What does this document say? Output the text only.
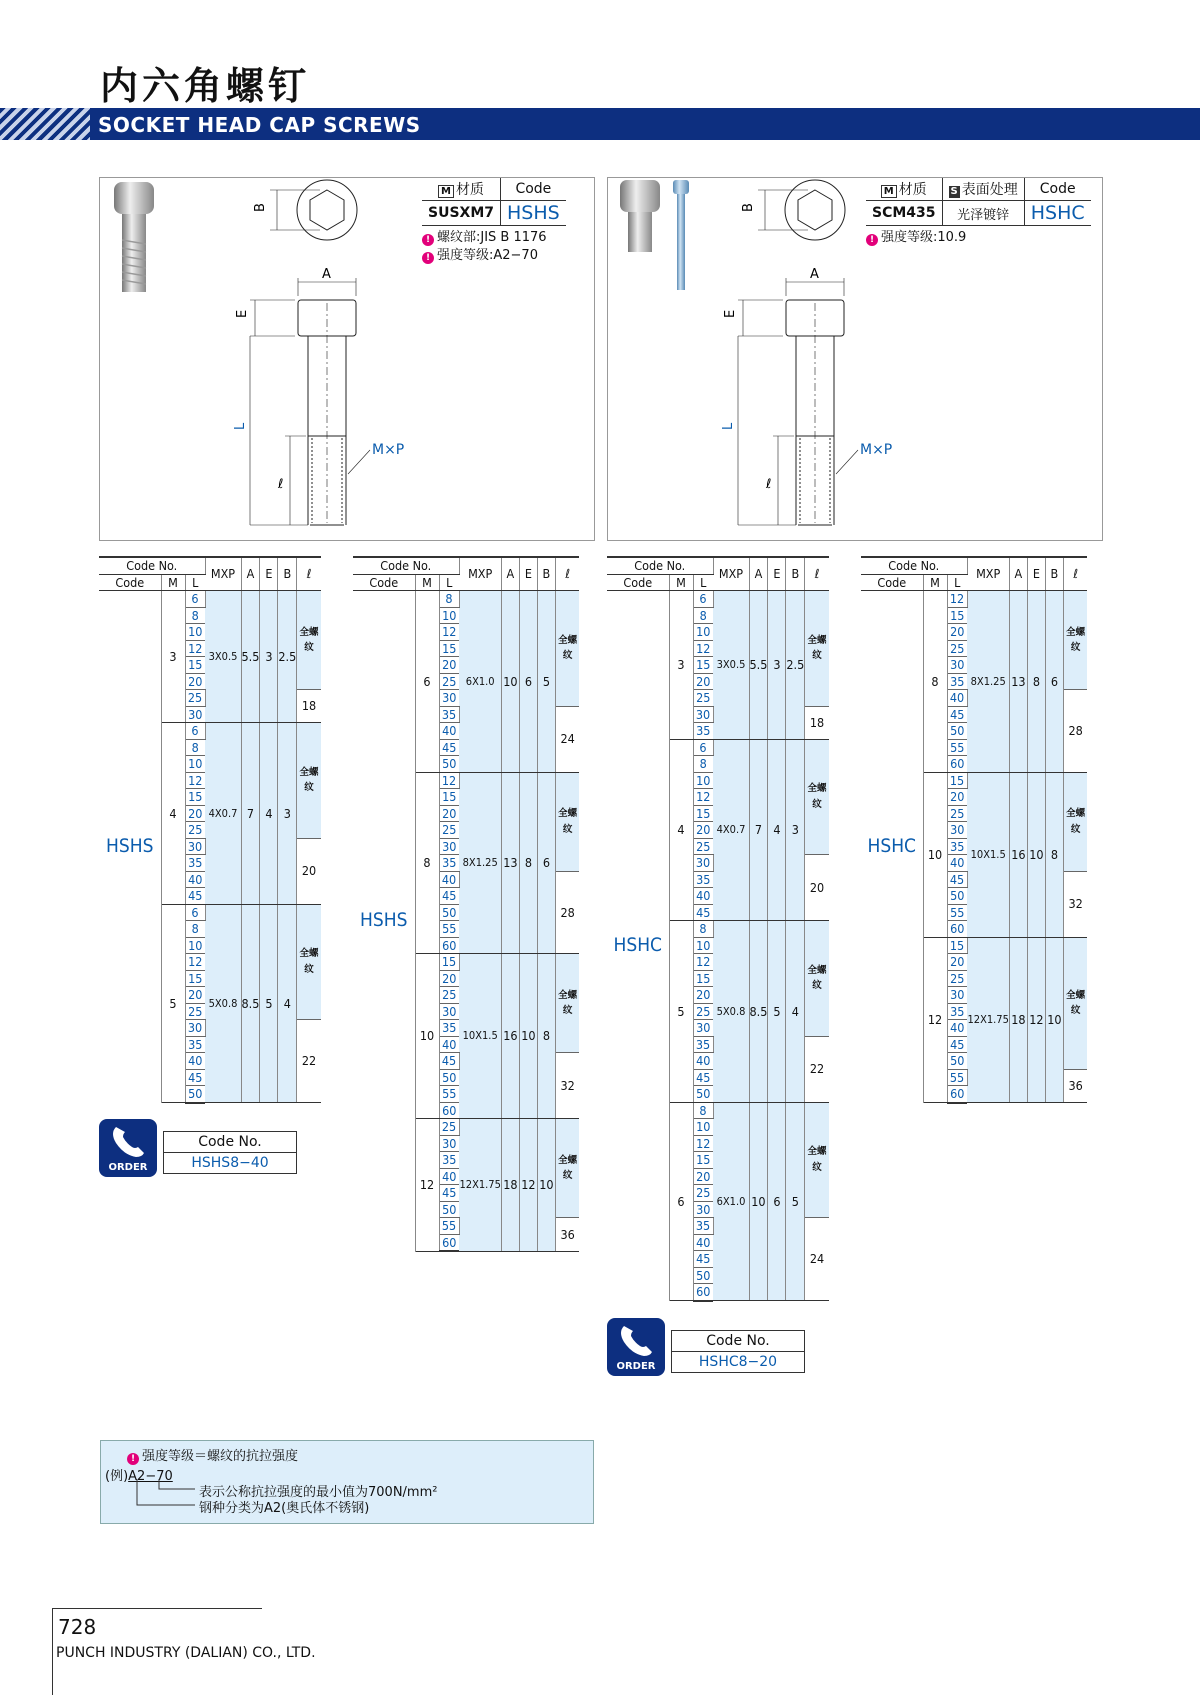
内六角螺钉
SOCKET HEAD CAP SCREWS
B
A
E
L
ℓ
M×P
M 材质	Code
SUSXM7	HSHS
! 螺纹部:JIS B 1176
! 强度等级:A2−70
B
A
E
L
ℓ
M×P
M 材质	S 表面处理	Code
SCM435	光泽镀锌	HSHC
! 强度等级:10.9
Code No.			MXP	A	E	B	ℓ
Code	M	L					
HSHS	3	6	3X0.5	5.5	3	2.5	全螺纹
		8					
		10					
		12					
		15					
		20					
		25					18
		30					
	4	6	4X0.7	7	4	3	全螺纹
		8					
		10					
		12					
		15					
		20					
		25					
		30					20
		35					
		40					
		45					
	5	6	5X0.8	8.5	5	4	全螺纹
		8					
		10					
		12					
		15					
		20					
		25					
		30					22
		35					
		40					
		45					
		50					
Code No.			MXP	A	E	B	ℓ
Code	M	L					
HSHS	6	8	6X1.0	10	6	5	全螺纹
		10					
		12					
		15					
		20					
		25					
		30					
		35					24
		40					
		45					
		50					
	8	12	8X1.25	13	8	6	全螺纹
		15					
		20					
		25					
		30					
		35					
		40					28
		45					
		50					
		55					
		60					
	10	15	10X1.5	16	10	8	全螺纹
		20					
		25					
		30					
		35					
		40					
		45					32
		50					
		55					
		60					
	12	25	12X1.75	18	12	10	全螺纹
		30					
		35					
		40					
		45					
		50					
		55					36
		60					
Code No.			MXP	A	E	B	ℓ
Code	M	L					
HSHC	3	6	3X0.5	5.5	3	2.5	全螺纹
		8					
		10					
		12					
		15					
		20					
		25					
		30					18
		35					
	4	6	4X0.7	7	4	3	全螺纹
		8					
		10					
		12					
		15					
		20					
		25					
		30					20
		35					
		40					
		45					
	5	8	5X0.8	8.5	5	4	全螺纹
		10					
		12					
		15					
		20					
		25					
		30					
		35					22
		40					
		45					
		50					
	6	8	6X1.0	10	6	5	全螺纹
		10					
		12					
		15					
		20					
		25					
		30					
		35					24
		40					
		45					
		50					
		60					
Code No.			MXP	A	E	B	ℓ
Code	M	L					
HSHC	8	12	8X1.25	13	8	6	全螺纹
		15					
		20					
		25					
		30					
		35					
		40					28
		45					
		50					
		55					
		60					
	10	15	10X1.5	16	10	8	全螺纹
		20					
		25					
		30					
		35					
		40					
		45					32
		50					
		55					
		60					
	12	15	12X1.75	18	12	10	全螺纹
		20					
		25					
		30					
		35					
		40					
		45					
		50					
		55					36
		60					
ORDER
Code No.
HSHS8−40
ORDER
Code No.
HSHC8−20
! 强度等级＝螺纹的抗拉强度
(例)A2−70
表示公称抗拉强度的最小值为700N/mm²
钢种分类为A2(奥氏体不锈钢)
728
PUNCH INDUSTRY (DALIAN) CO., LTD.
